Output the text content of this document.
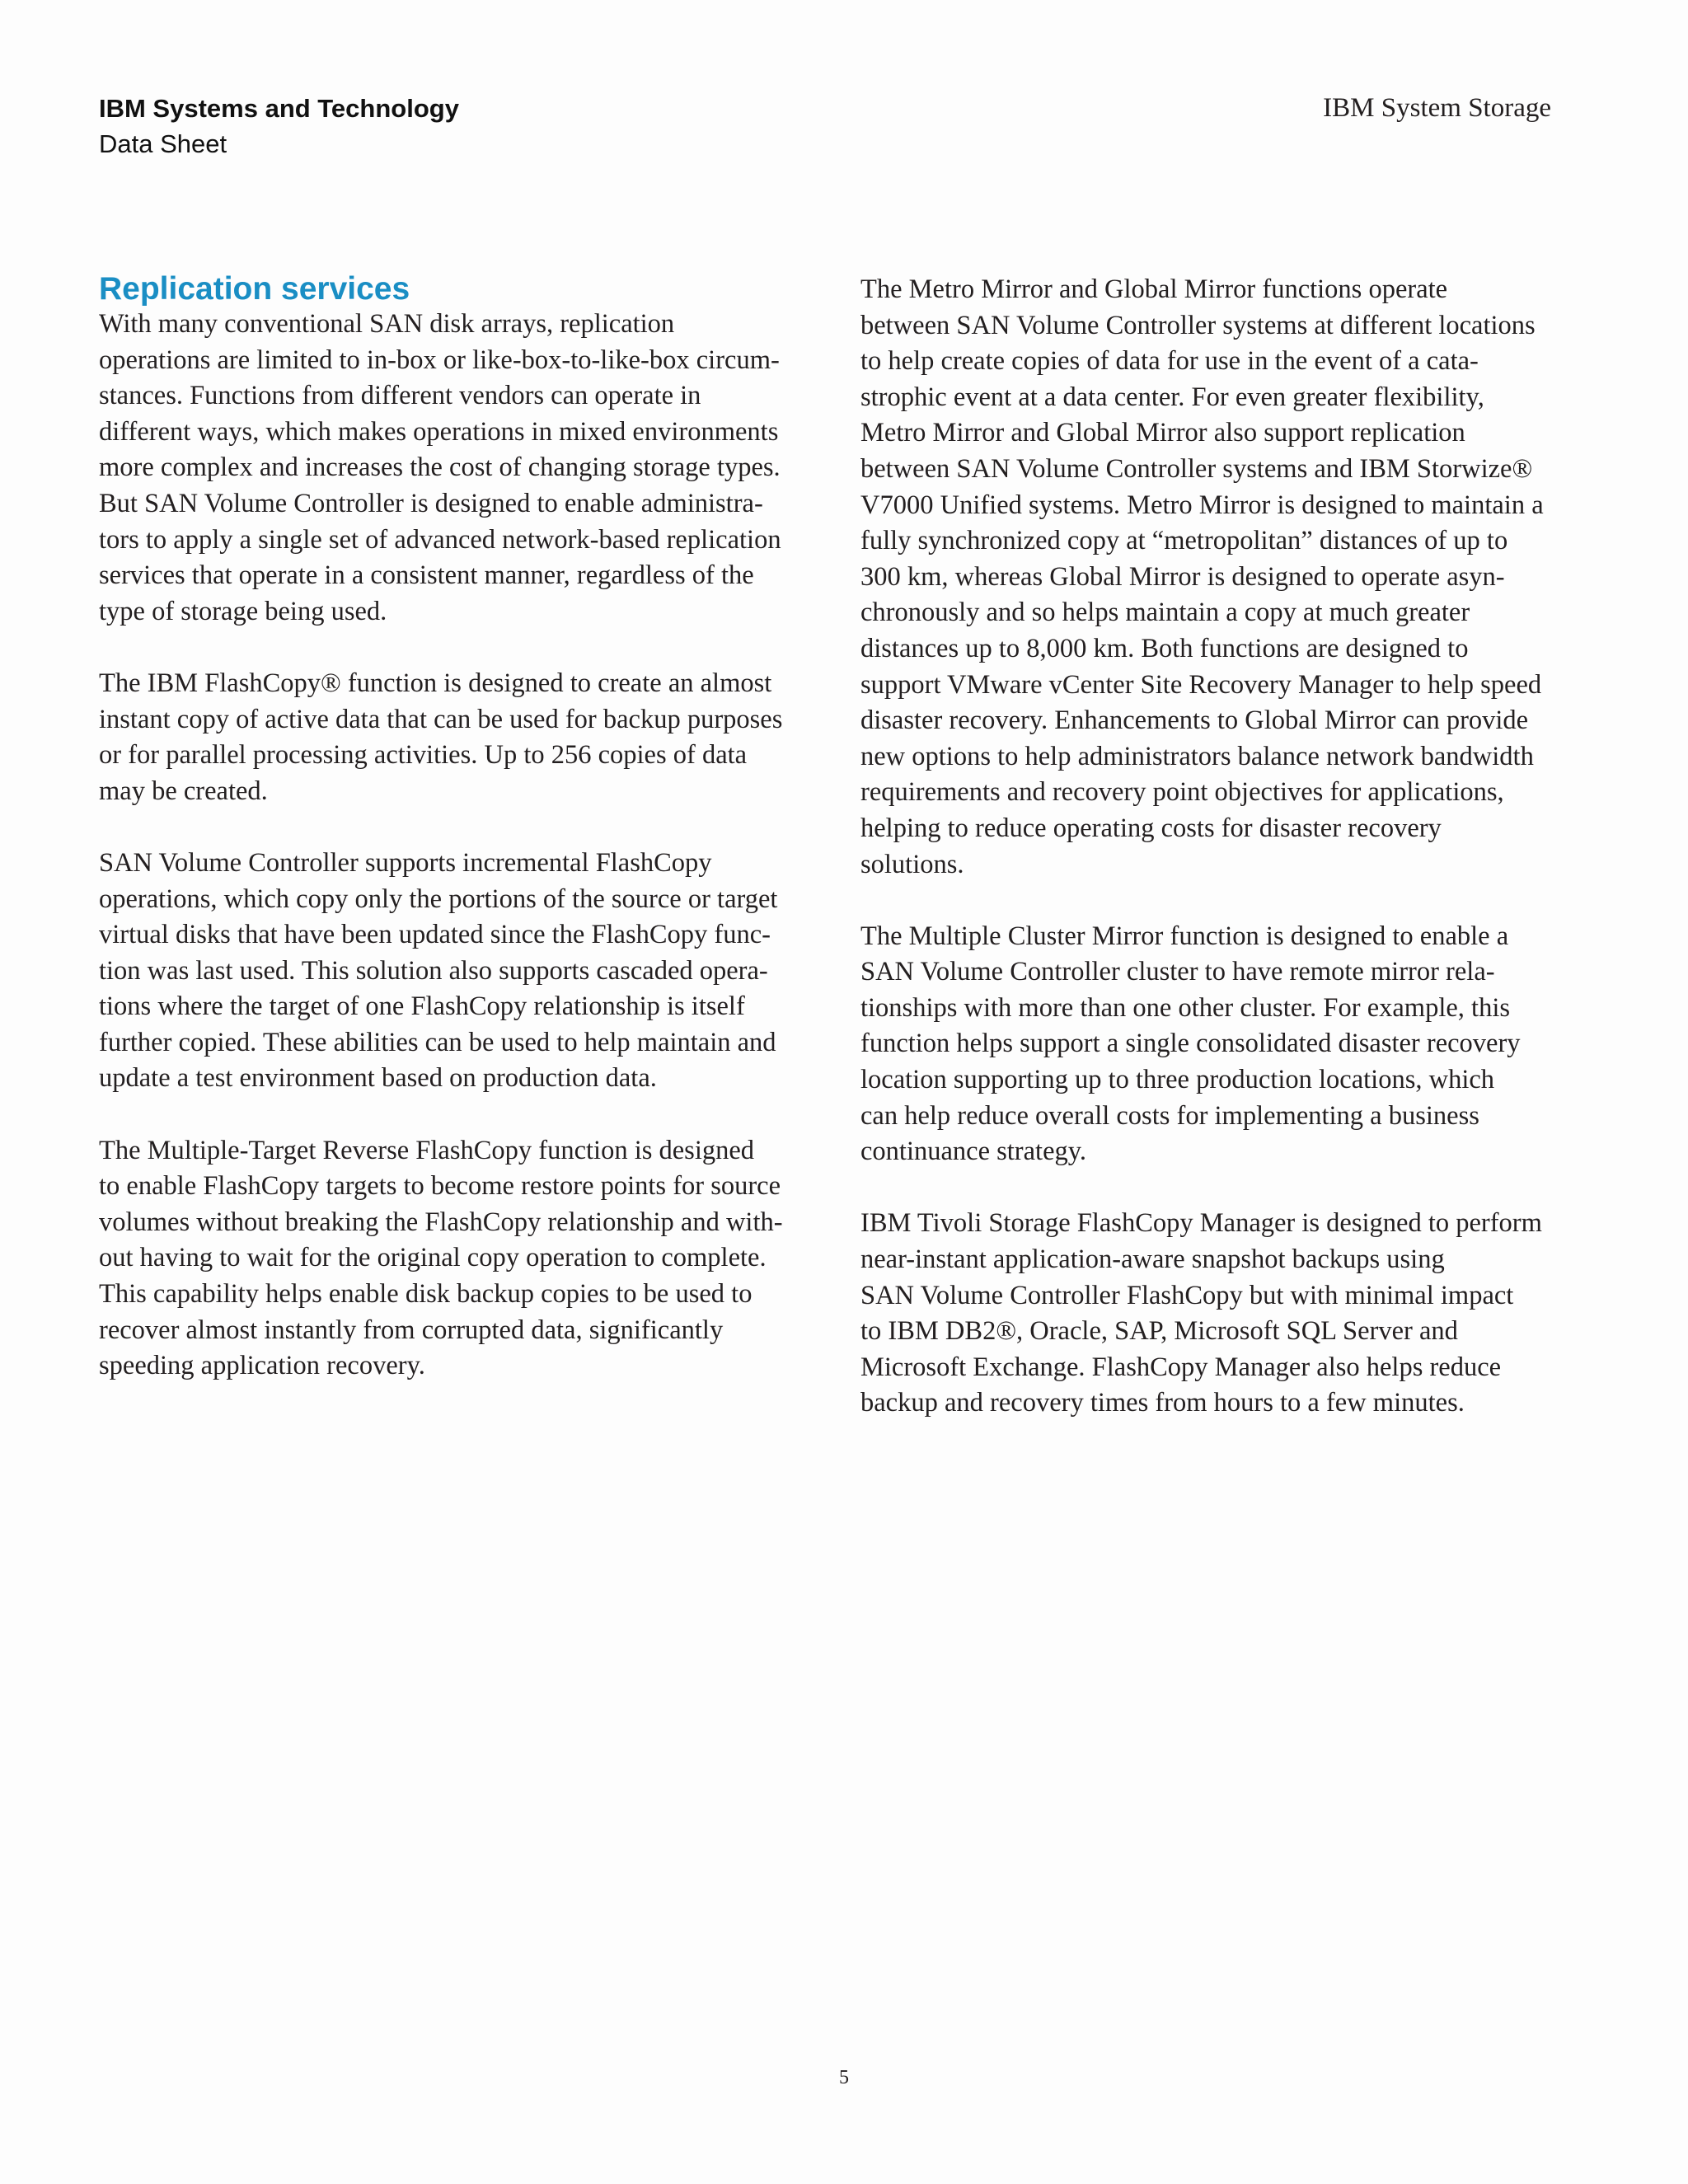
IBM Systems and Technology
Data Sheet
IBM System Storage
Replication services

With many conventional SAN disk arrays, replication
operations are limited to in-box or like-box-to-like-box circum-
stances. Functions from different vendors can operate in
different ways, which makes operations in mixed environments
more complex and increases the cost of changing storage types.
But SAN Volume Controller is designed to enable administra-
tors to apply a single set of advanced network-based replication
services that operate in a consistent manner, regardless of the
type of storage being used.

The IBM FlashCopy® function is designed to create an almost
instant copy of active data that can be used for backup purposes
or for parallel processing activities. Up to 256 copies of data
may be created.

SAN Volume Controller supports incremental FlashCopy
operations, which copy only the portions of the source or target
virtual disks that have been updated since the FlashCopy func-
tion was last used. This solution also supports cascaded opera-
tions where the target of one FlashCopy relationship is itself
further copied. These abilities can be used to help maintain and
update a test environment based on production data.

The Multiple-Target Reverse FlashCopy function is designed
to enable FlashCopy targets to become restore points for source
volumes without breaking the FlashCopy relationship and with-
out having to wait for the original copy operation to complete.
This capability helps enable disk backup copies to be used to
recover almost instantly from corrupted data, significantly
speeding application recovery.

The Metro Mirror and Global Mirror functions operate
between SAN Volume Controller systems at different locations
to help create copies of data for use in the event of a cata-
strophic event at a data center. For even greater flexibility,
Metro Mirror and Global Mirror also support replication
between SAN Volume Controller systems and IBM Storwize®
V7000 Unified systems. Metro Mirror is designed to maintain a
fully synchronized copy at “metropolitan” distances of up to
300 km, whereas Global Mirror is designed to operate asyn-
chronously and so helps maintain a copy at much greater
distances up to 8,000 km. Both functions are designed to
support VMware vCenter Site Recovery Manager to help speed
disaster recovery. Enhancements to Global Mirror can provide
new options to help administrators balance network bandwidth
requirements and recovery point objectives for applications,
helping to reduce operating costs for disaster recovery
solutions.

The Multiple Cluster Mirror function is designed to enable a
SAN Volume Controller cluster to have remote mirror rela-
tionships with more than one other cluster. For example, this
function helps support a single consolidated disaster recovery
location supporting up to three production locations, which
can help reduce overall costs for implementing a business
continuance strategy.

IBM Tivoli Storage FlashCopy Manager is designed to perform
near-instant application-aware snapshot backups using
SAN Volume Controller FlashCopy but with minimal impact
to IBM DB2®, Oracle, SAP, Microsoft SQL Server and
Microsoft Exchange. FlashCopy Manager also helps reduce
backup and recovery times from hours to a few minutes.

5
